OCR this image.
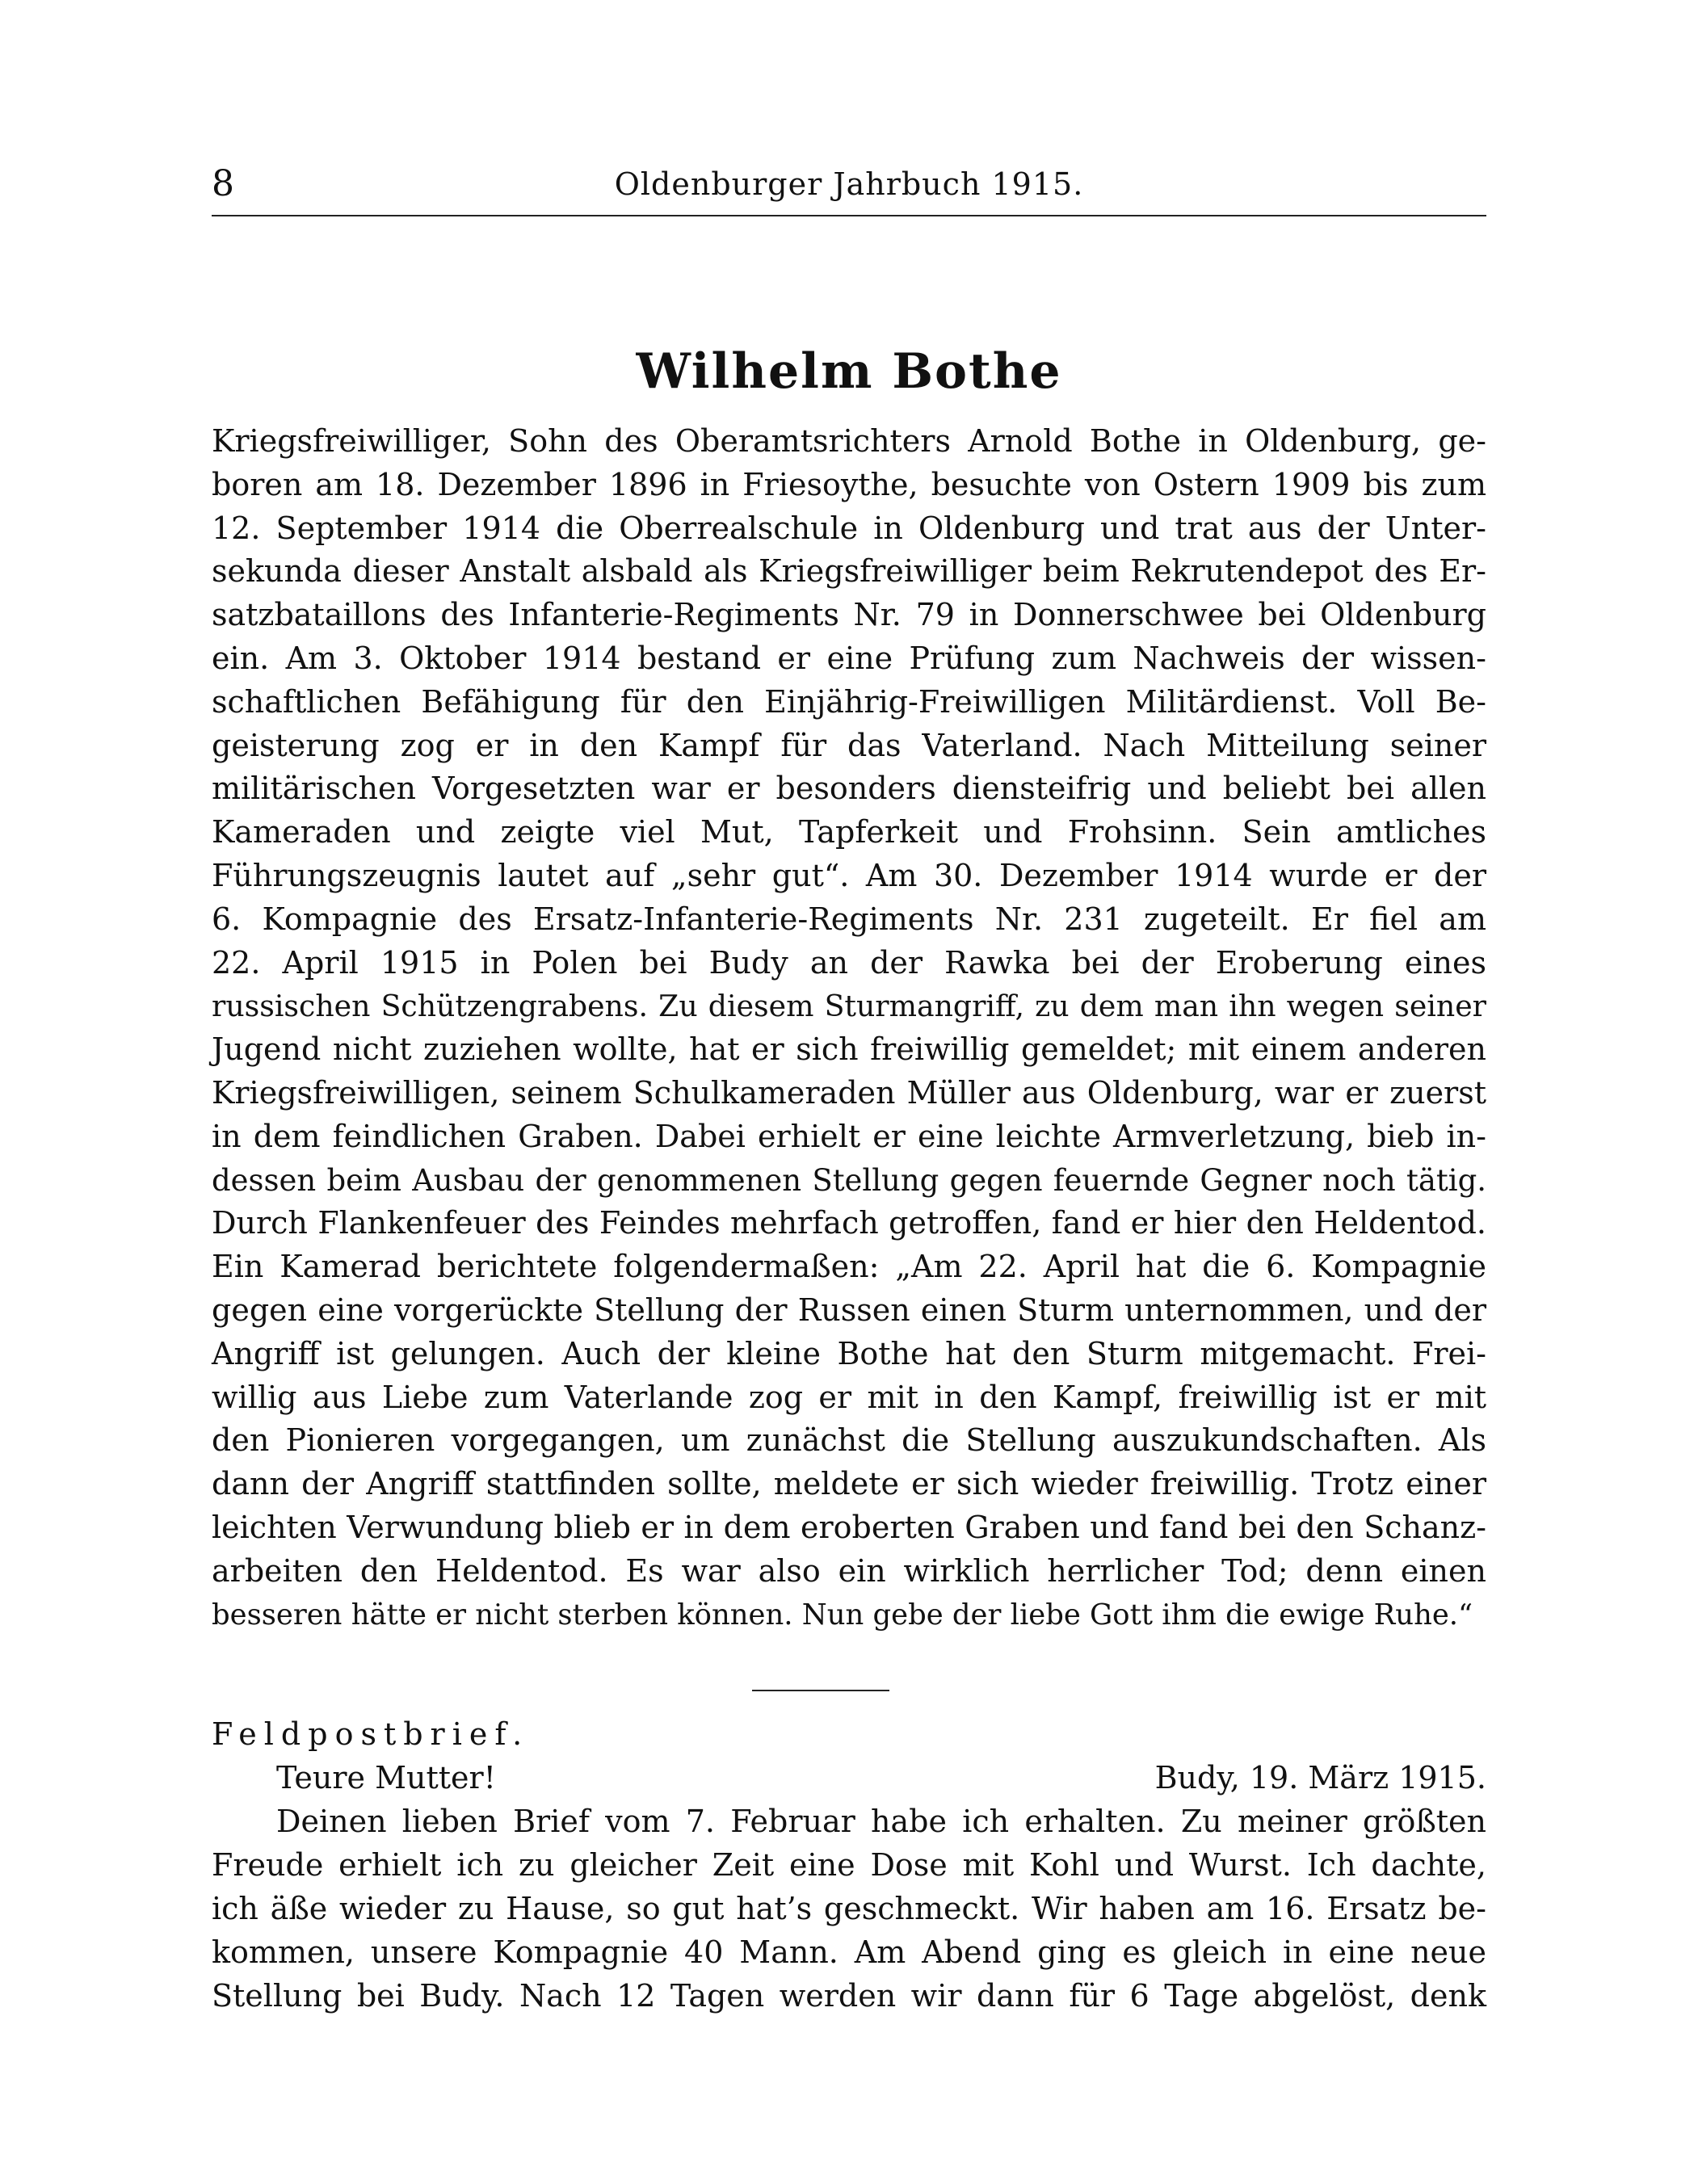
8	Oldenburger Jahrbuch 1915.
Wilhelm Bothe
Kriegsfreiwilliger, Sohn des Oberamtsrichters Arnold Bothe in Oldenburg, ge-
boren am 18. Dezember 1896 in Friesoythe, besuchte von Ostern 1909 bis zum
12. September 1914 die Oberrealschule in Oldenburg und trat aus der Unter-
sekunda dieser Anstalt alsbald als Kriegsfreiwilliger beim Rekrutendepot des Er-
satzbataillons des Infanterie-Regiments Nr. 79 in Donnerschwee bei Oldenburg
ein. Am 3. Oktober 1914 bestand er eine Prüfung zum Nachweis der wissen-
schaftlichen Befähigung für den Einjährig-Freiwilligen Militärdienst. Voll Be-
geisterung zog er in den Kampf für das Vaterland. Nach Mitteilung seiner
militärischen Vorgesetzten war er besonders diensteifrig und beliebt bei allen
Kameraden und zeigte viel Mut, Tapferkeit und Frohsinn. Sein amtliches
Führungszeugnis lautet auf „sehr gut“. Am 30. Dezember 1914 wurde er der
6. Kompagnie des Ersatz-Infanterie-Regiments Nr. 231 zugeteilt. Er fiel am
22. April 1915 in Polen bei Budy an der Rawka bei der Eroberung eines
russischen Schützengrabens. Zu diesem Sturmangriff, zu dem man ihn wegen seiner
Jugend nicht zuziehen wollte, hat er sich freiwillig gemeldet; mit einem anderen
Kriegsfreiwilligen, seinem Schulkameraden Müller aus Oldenburg, war er zuerst
in dem feindlichen Graben. Dabei erhielt er eine leichte Armverletzung, bieb in-
dessen beim Ausbau der genommenen Stellung gegen feuernde Gegner noch tätig.
Durch Flankenfeuer des Feindes mehrfach getroffen, fand er hier den Heldentod.
Ein Kamerad berichtete folgendermaßen: „Am 22. April hat die 6. Kompagnie
gegen eine vorgerückte Stellung der Russen einen Sturm unternommen, und der
Angriff ist gelungen. Auch der kleine Bothe hat den Sturm mitgemacht. Frei-
willig aus Liebe zum Vaterlande zog er mit in den Kampf, freiwillig ist er mit
den Pionieren vorgegangen, um zunächst die Stellung auszukundschaften. Als
dann der Angriff stattfinden sollte, meldete er sich wieder freiwillig. Trotz einer
leichten Verwundung blieb er in dem eroberten Graben und fand bei den Schanz-
arbeiten den Heldentod. Es war also ein wirklich herrlicher Tod; denn einen
besseren hätte er nicht sterben können. Nun gebe der liebe Gott ihm die ewige Ruhe.“
Feldpostbrief.
Teure Mutter!	Budy, 19. März 1915.
Deinen lieben Brief vom 7. Februar habe ich erhalten. Zu meiner größten
Freude erhielt ich zu gleicher Zeit eine Dose mit Kohl und Wurst. Ich dachte,
ich äße wieder zu Hause, so gut hat’s geschmeckt. Wir haben am 16. Ersatz be-
kommen, unsere Kompagnie 40 Mann. Am Abend ging es gleich in eine neue
Stellung bei Budy. Nach 12 Tagen werden wir dann für 6 Tage abgelöst, denk
